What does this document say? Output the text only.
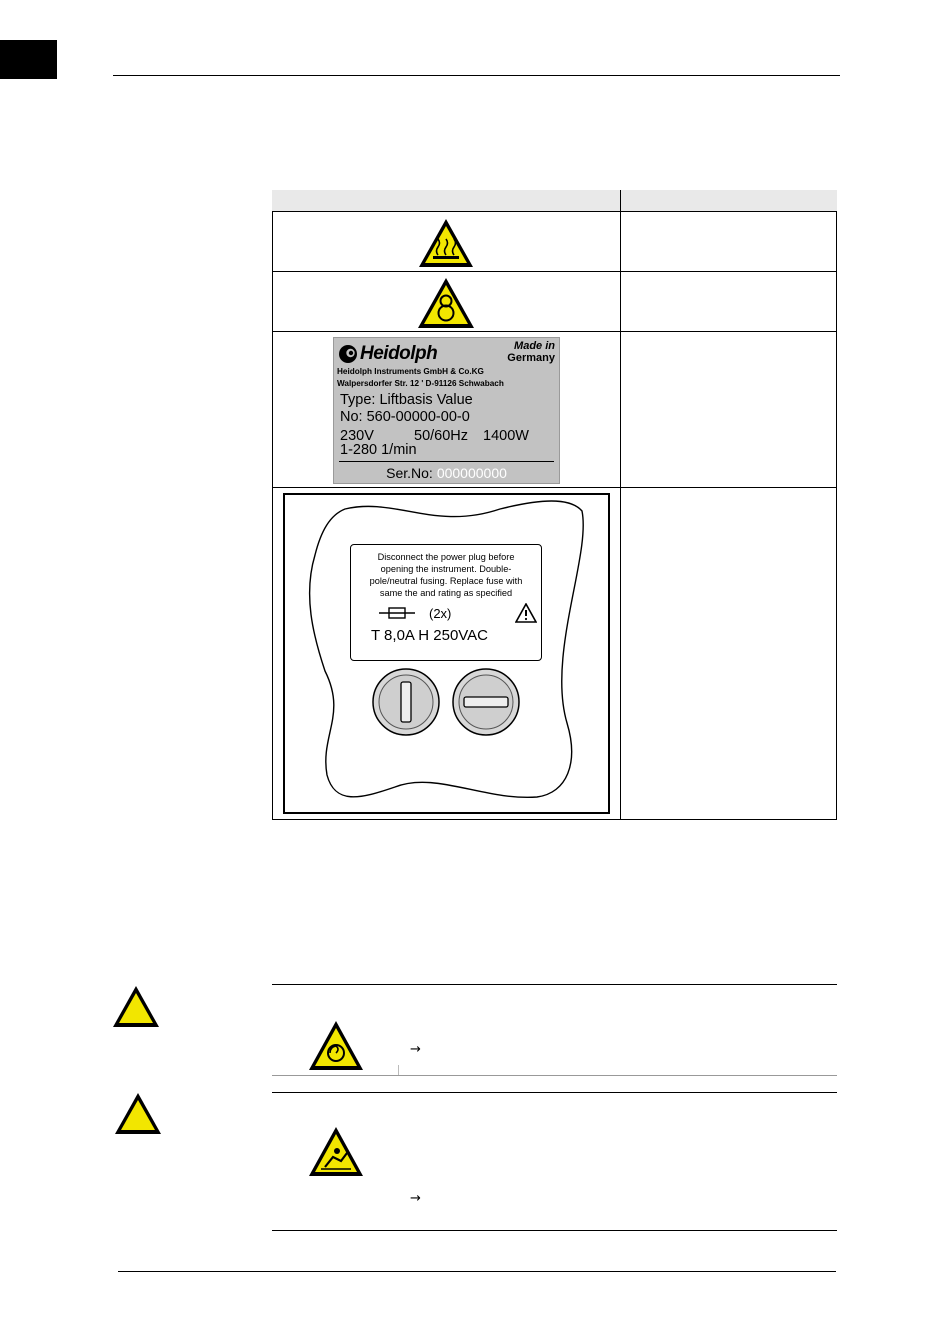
Heidolph	Made in
Germany
Heidolph Instruments GmbH & Co.KG
Walpersdorfer Str. 12 ' D-91126 Schwabach
Type: Liftbasis Value
No: 560-00000-00-0
230V	50/60Hz 1400W
1-280 1/min
Ser.No: 000000000
Disconnect the power plug before
opening the instrument. Double-
pole/neutral fusing. Replace fuse with
same the and rating as specified
(2x)
T 8,0A H 250VAC
→
→
